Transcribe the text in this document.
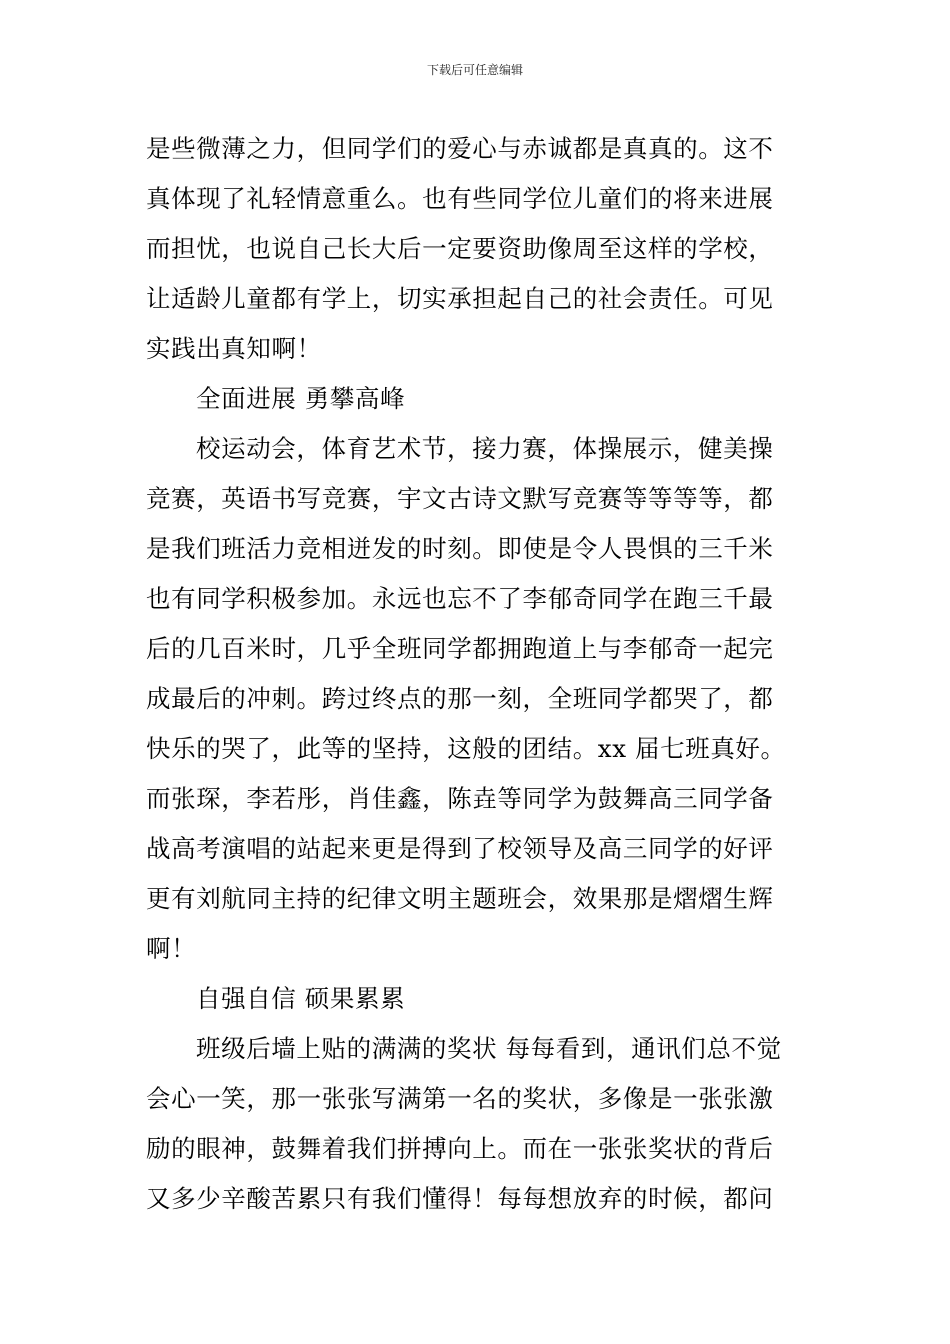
下载后可任意编辑
是些微薄之力，但同学们的爱心与赤诚都是真真的。这不
真体现了礼轻情意重么。也有些同学位儿童们的将来进展
而担忧，也说自己长大后一定要资助像周至这样的学校，
让适龄儿童都有学上，切实承担起自己的社会责任。可见
实践出真知啊！
全面进展 勇攀高峰
校运动会，体育艺术节，接力赛，体操展示，健美操
竞赛，英语书写竞赛，宇文古诗文默写竞赛等等等等，都
是我们班活力竞相迸发的时刻。即使是令人畏惧的三千米
也有同学积极参加。永远也忘不了李郁奇同学在跑三千最
后的几百米时，几乎全班同学都拥跑道上与李郁奇一起完
成最后的冲刺。跨过终点的那一刻，全班同学都哭了，都
快乐的哭了，此等的坚持，这般的团结。xx 届七班真好。
而张琛，李若彤，肖佳鑫，陈垚等同学为鼓舞高三同学备
战高考演唱的站起来更是得到了校领导及高三同学的好评
更有刘航同主持的纪律文明主题班会，效果那是熠熠生辉
啊！
自强自信 硕果累累
班级后墙上贴的满满的奖状 每每看到，通讯们总不觉
会心一笑，那一张张写满第一名的奖状，多像是一张张激
励的眼神，鼓舞着我们拼搏向上。而在一张张奖状的背后
又多少辛酸苦累只有我们懂得！每每想放弃的时候，都问
